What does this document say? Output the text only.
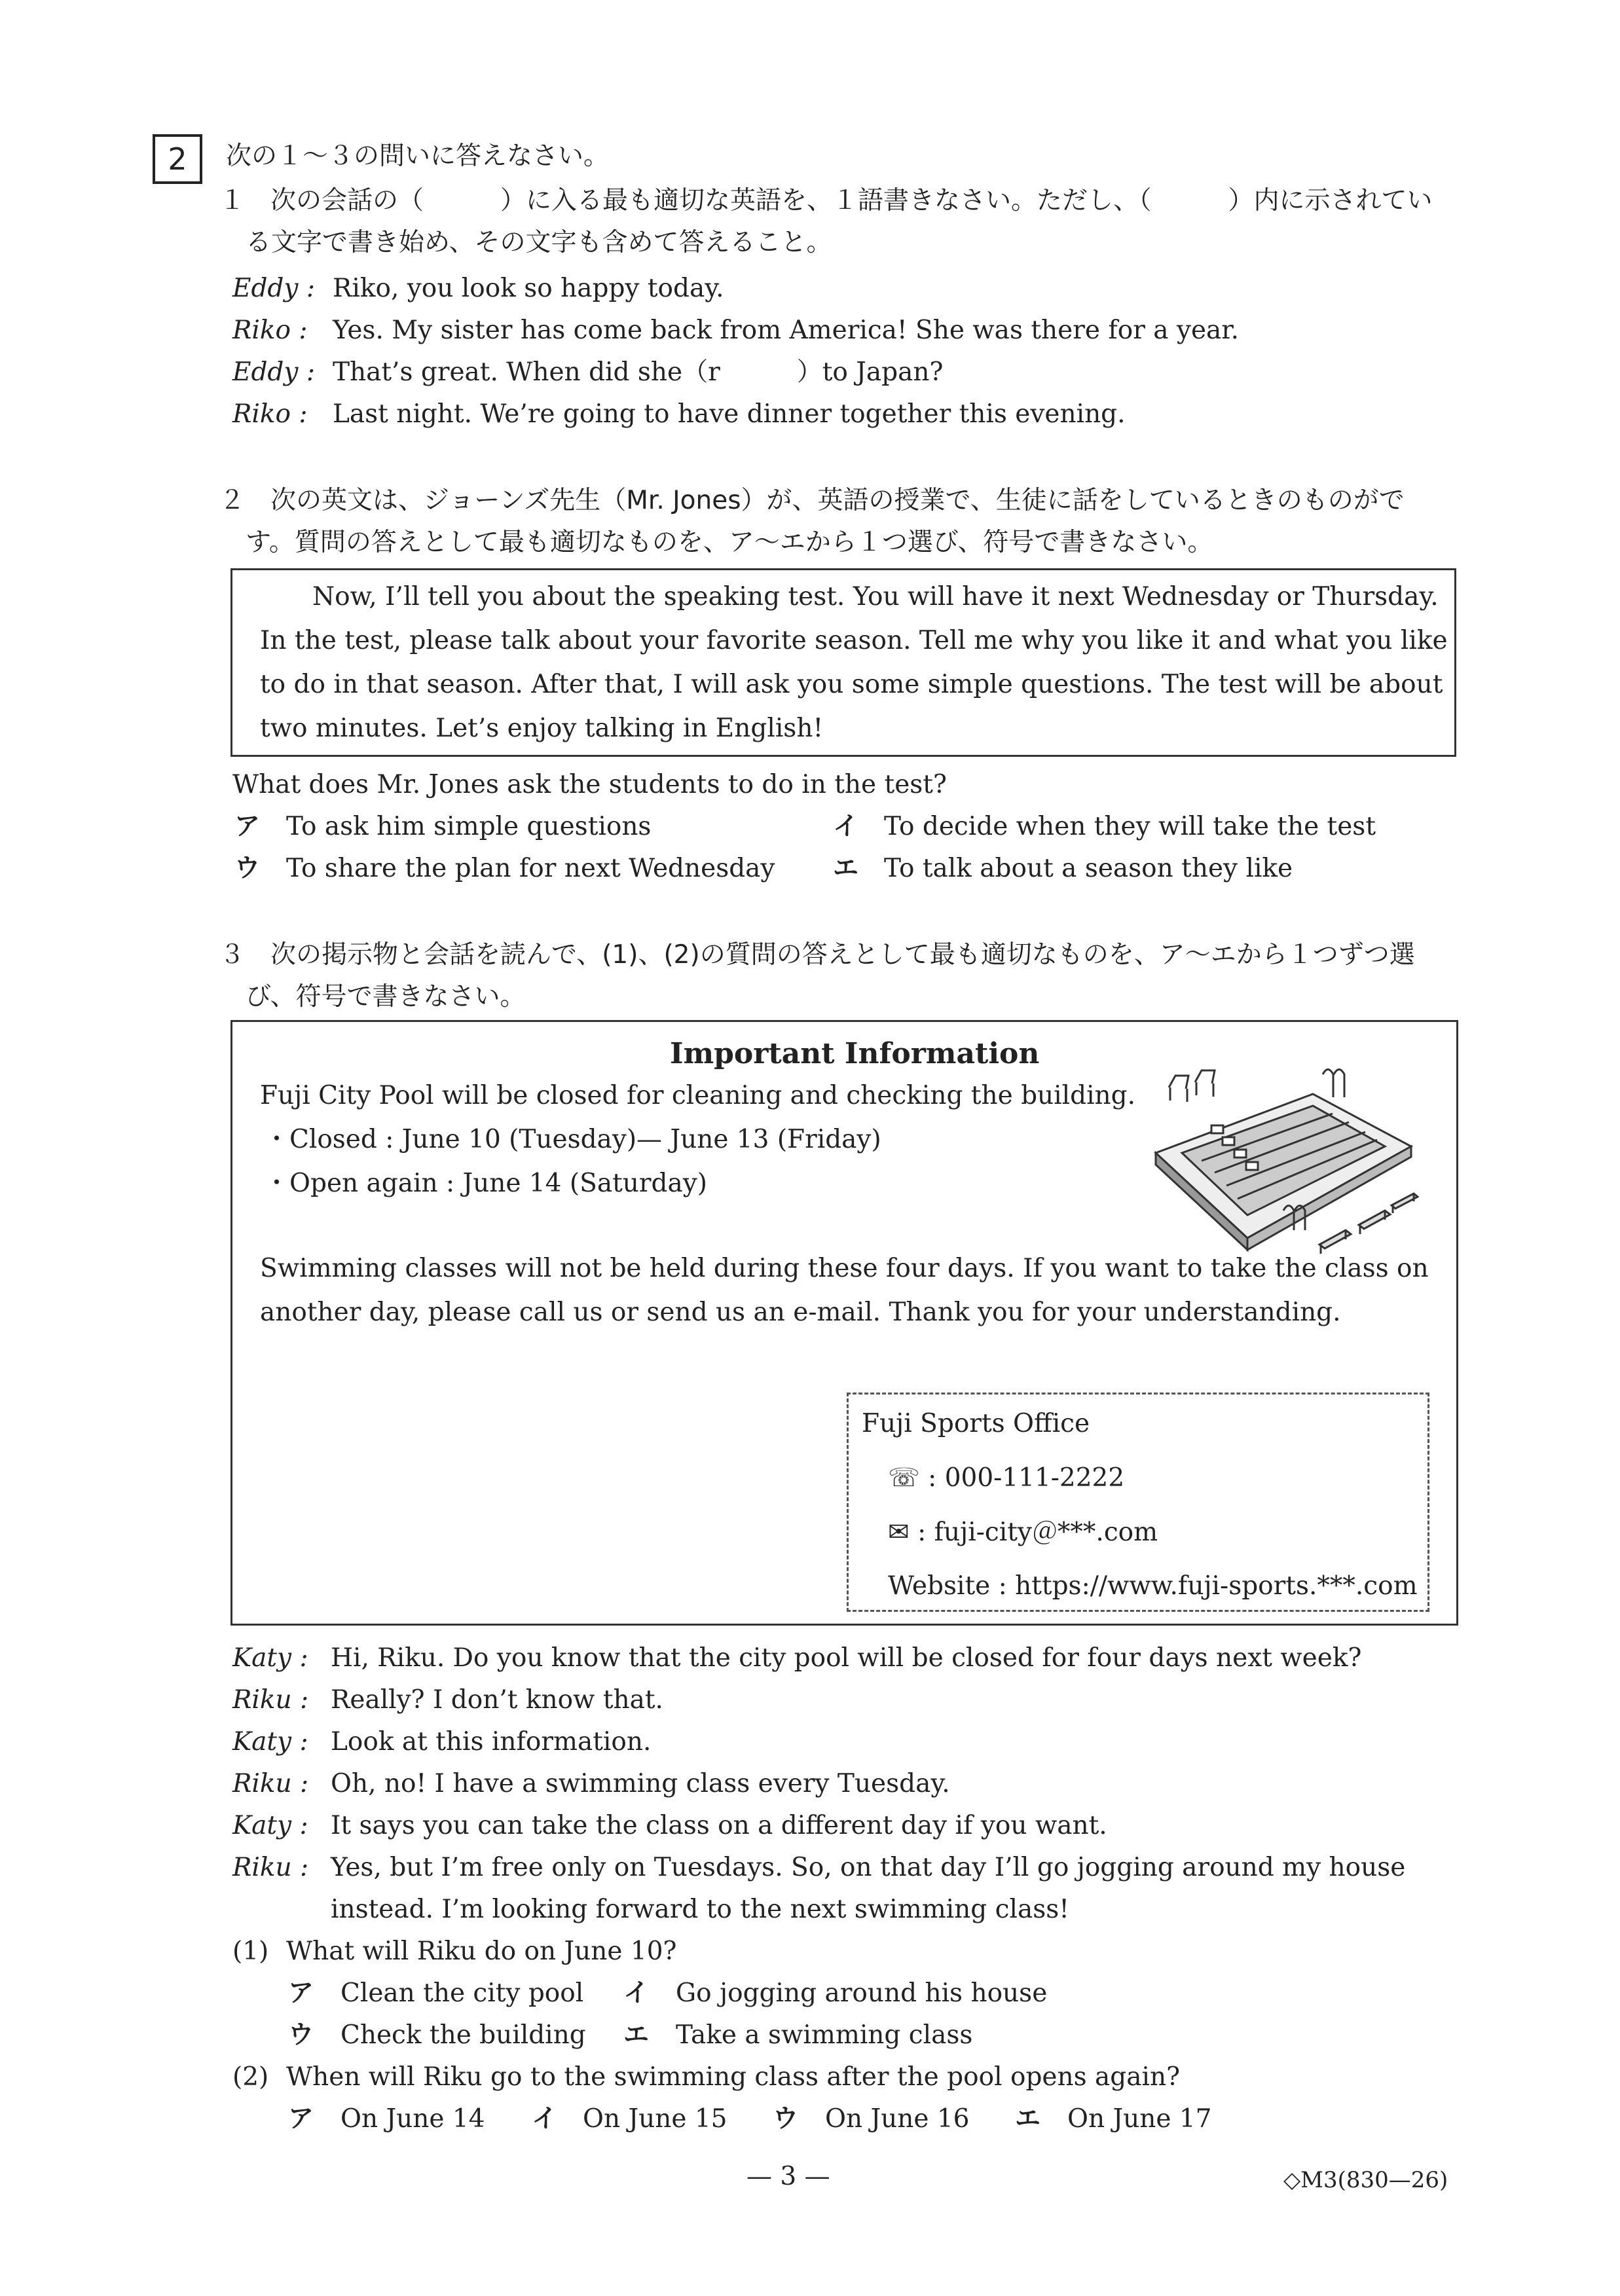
2	次の１～３の問いに答えなさい。
１　次の会話の（　　　）に入る最も適切な英語を、１語書きなさい。ただし、（　　　）内に示されてい
る文字で書き始め、その文字も含めて答えること。
Eddy : Riko, you look so happy today.
Riko : Yes. My sister has come back from America! She was there for a year.
Eddy : That’s great. When did she（r　　　）to Japan?
Riko : Last night. We’re going to have dinner together this evening.
２　次の英文は、ジョーンズ先生（Mr. Jones）が、英語の授業で、生徒に話をしているときのものがで
す。質問の答えとして最も適切なものを、ア～エから１つ選び、符号で書きなさい。
Now, I’ll tell you about the speaking test. You will have it next Wednesday or Thursday.
In the test, please talk about your favorite season. Tell me why you like it and what you like
to do in that season. After that, I will ask you some simple questions. The test will be about
two minutes. Let’s enjoy talking in English!
What does Mr. Jones ask the students to do in the test?
ア To ask him simple questions	イ To decide when they will take the test
ウ To share the plan for next Wednesday エ To talk about a season they like
３　次の掲示物と会話を読んで、(1)、(2)の質問の答えとして最も適切なものを、ア～エから１つずつ選
び、符号で書きなさい。
Important Information
Fuji City Pool will be closed for cleaning and checking the building.
・Closed : June 10 (Tuesday)— June 13 (Friday)
・Open again : June 14 (Saturday)
Swimming classes will not be held during these four days. If you want to take the class on
another day, please call us or send us an e-mail. Thank you for your understanding.
Fuji Sports Office
☏ : 000-111-2222
✉ : fuji-city＠***.com
Website : https://www.fuji-sports.***.com
Katy : Hi, Riku. Do you know that the city pool will be closed for four days next week?
Riku : Really? I don’t know that.
Katy : Look at this information.
Riku : Oh, no! I have a swimming class every Tuesday.
Katy : It says you can take the class on a different day if you want.
Riku : Yes, but I’m free only on Tuesdays. So, on that day I’ll go jogging around my house
instead. I’m looking forward to the next swimming class!
(1) What will Riku do on June 10?
ア Clean the city pool イ Go jogging around his house
ウ Check the building エ Take a swimming class
(2) When will Riku go to the swimming class after the pool opens again?
ア On June 14 イ On June 15 ウ On June 16 エ On June 17
— 3 —	◇M3(830—26)
